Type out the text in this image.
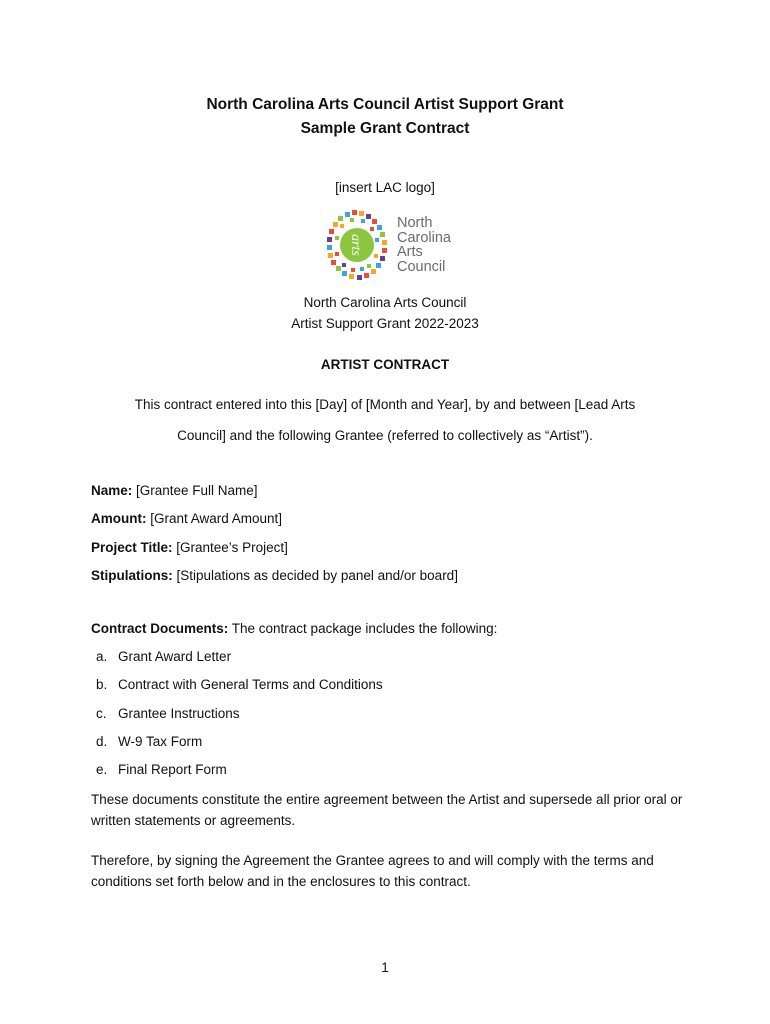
North Carolina Arts Council Artist Support Grant
Sample Grant Contract
[insert LAC logo]
arts
North
Carolina
Arts
Council
North Carolina Arts Council
Artist Support Grant 2022-2023
ARTIST CONTRACT
This contract entered into this [Day] of [Month and Year], by and between [Lead Arts
Council] and the following Grantee (referred to collectively as “Artist”).
Name: [Grantee Full Name]
Amount: [Grant Award Amount]
Project Title: [Grantee’s Project]
Stipulations: [Stipulations as decided by panel and/or board]
Contract Documents: The contract package includes the following:
a. Grant Award Letter
b. Contract with General Terms and Conditions
c. Grantee Instructions
d. W-9 Tax Form
e. Final Report Form
These documents constitute the entire agreement between the Artist and supersede all prior oral or written statements or agreements.
Therefore, by signing the Agreement the Grantee agrees to and will comply with the terms and conditions set forth below and in the enclosures to this contract.
1
